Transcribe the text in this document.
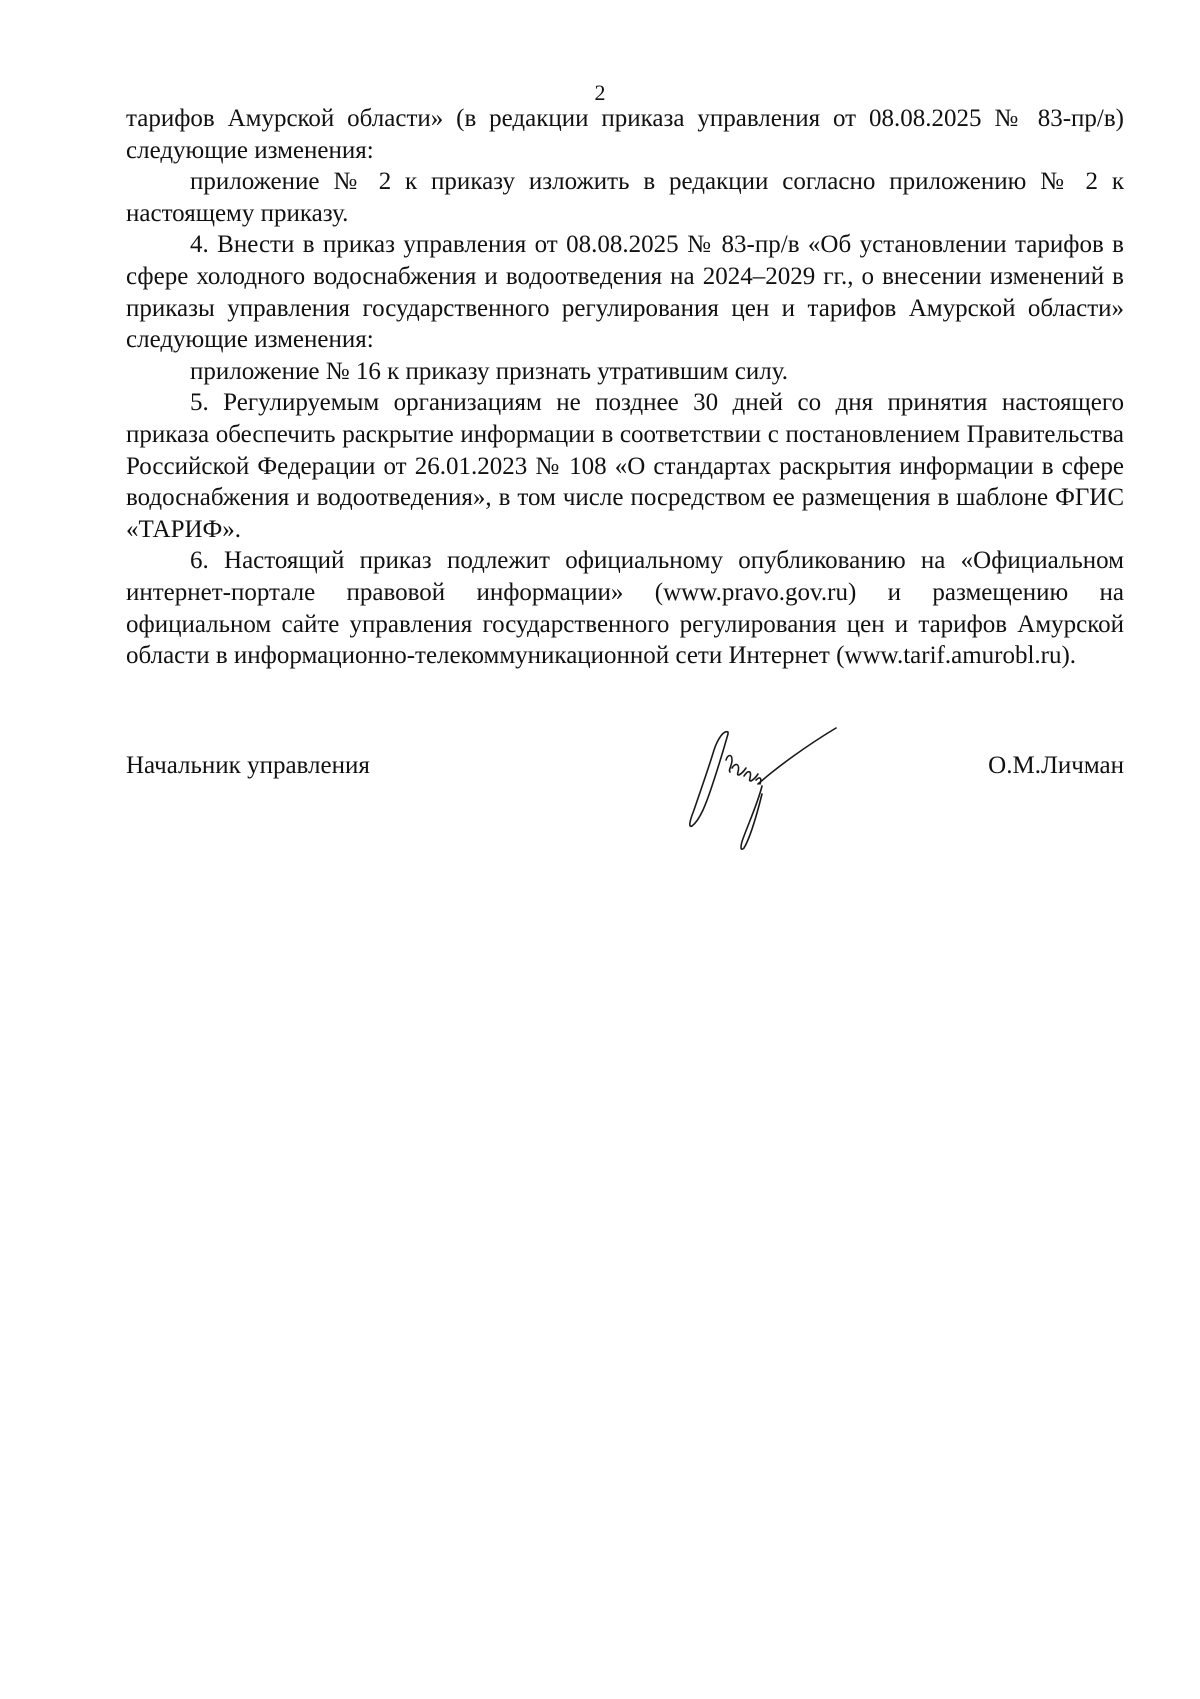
2

тарифов Амурской области» (в редакции приказа управления от 08.08.2025 № 83-пр/в) следующие изменения:

приложение № 2 к приказу изложить в редакции согласно приложению № 2 к настоящему приказу.

4. Внести в приказ управления от 08.08.2025 № 83-пр/в «Об установлении тарифов в сфере холодного водоснабжения и водоотведения на 2024–2029 гг., о внесении изменений в приказы управления государственного регулирования цен и тарифов Амурской области» следующие изменения:

приложение № 16 к приказу признать утратившим силу.

5. Регулируемым организациям не позднее 30 дней со дня принятия настоящего приказа обеспечить раскрытие информации в соответствии с постановлением Правительства Российской Федерации от 26.01.2023 № 108 «О стандартах раскрытия информации в сфере водоснабжения и водоотведения», в том числе посредством ее размещения в шаблоне ФГИС «ТАРИФ».

6. Настоящий приказ подлежит официальному опубликованию на «Официальном интернет-портале правовой информации» (www.pravo.gov.ru) и размещению на официальном сайте управления государственного регулирования цен и тарифов Амурской области в информационно-телекоммуникационной сети Интернет (www.tarif.amurobl.ru).

Начальник управления	О.М.Личман
